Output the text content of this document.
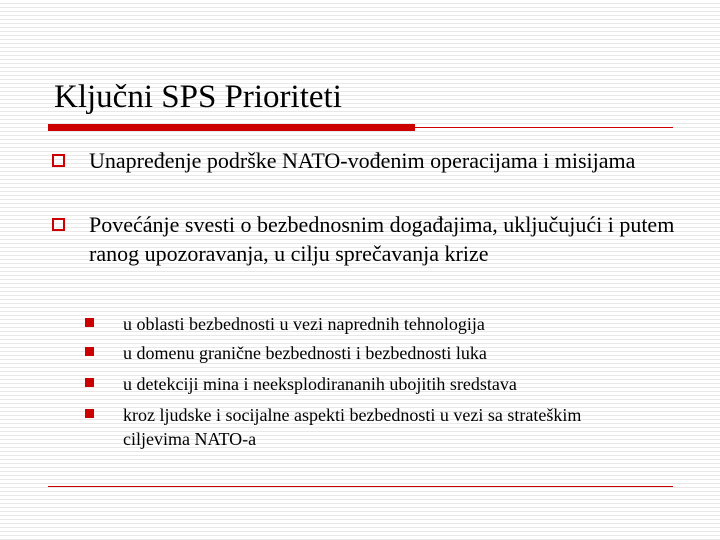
Ključni SPS Prioriteti
Unapređenje podrške NATO-vođenim operacijama i misijama
Povećánje svesti o bezbednosnim događajima, uključujući i putem ranog upozoravanja, u cilju sprečavanja krize
u oblasti bezbednosti u vezi naprednih tehnologija
u domenu granične bezbednosti i bezbednosti luka
u detekciji mina i neeksplodirananih ubojitih sredstava
kroz ljudske i socijalne aspekti bezbednosti u vezi sa strateškim ciljevima NATO-a
